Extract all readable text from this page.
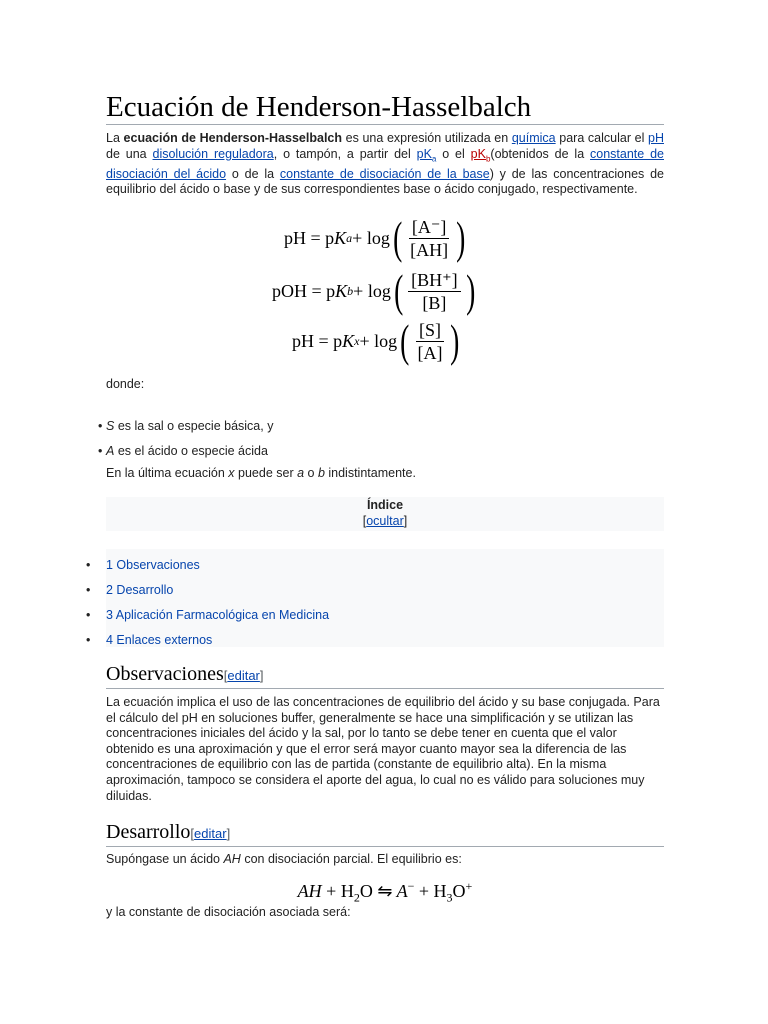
Ecuación de Henderson-Hasselbalch

La ecuación de Henderson-Hasselbalch es una expresión utilizada en química para calcular el pH de una disolución reguladora, o tampón, a partir del $pK_a$ o el $pK_b(obtenidos$ de la constante de disociación del ácido o de la constante de disociación de la base) y de las concentraciones de equilibrio del ácido o base y de sus correspondientes base o ácido conjugado, respectivamente.

pH = p K a + log ( $\frac{[A^-]}{[AH]}$ )
pOH = p K b + log ( $\frac{[BH^+]}{[B]}$ )
pH = p K x + log ( $\frac{[S]}{[A]}$ )
donde:
• S es la sal o especie básica, y
• A es el ácido o especie ácida
En la última ecuación x puede ser a o b indistintamente.
Índice
[ocultar]
• 1 Observaciones
• 2 Desarrollo
• 3 Aplicación Farmacológica en Medicina
• 4 Enlaces externos
Observaciones[editar]
La ecuación implica el uso de las concentraciones de equilibrio del ácido y su base conjugada. Para el cálculo del pH en soluciones buffer, generalmente se hace una simplificación y se utilizan las concentraciones iniciales del ácido y la sal, por lo tanto se debe tener en cuenta que el valor obtenido es una aproximación y que el error será mayor cuanto mayor sea la diferencia de las concentraciones de equilibrio con las de partida (constante de equilibrio alta). En la misma aproximación, tampoco se considera el aporte del agua, lo cual no es válido para soluciones muy diluidas.
Desarrollo[editar]
Supóngase un ácido AH con disociación parcial. El equilibrio es:
AH + $H_2O$ ⇋ $A^- + H_3O^+$
y la constante de disociación asociada será:
